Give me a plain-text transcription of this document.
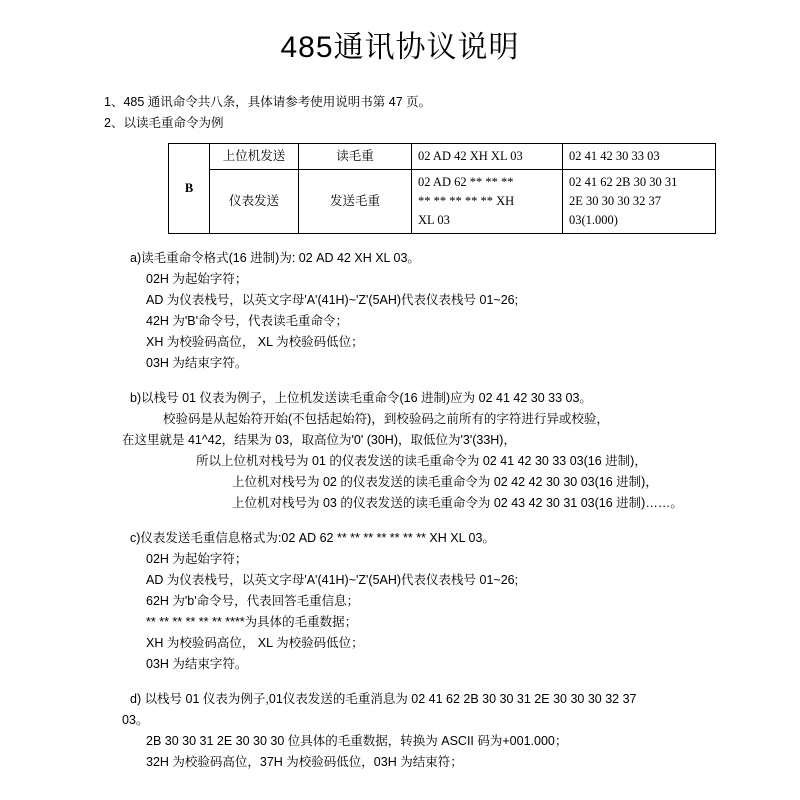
485通讯协议说明
1、485 通讯命令共八条，具体请参考使用说明书第 47 页。
2、以读毛重命令为例
B	上位机发送	读毛重	02 AD 42 XH XL 03	02 41 42 30 33 03
	仪表发送	发送毛重	02 AD 62 ** ** **
** ** ** ** ** XH
XL 03	02 41 62 2B 30 30 31
2E 30 30 30 32 37
03(1.000)
a)读毛重命令格式(16 进制)为: 02 AD 42 XH XL 03。
02H 为起始字符；
AD 为仪表栈号，以英文字母'A'(41H)~'Z'(5AH)代表仪表栈号 01~26;
42H 为'B'命令号，代表读毛重命令；
XH 为校验码高位， XL 为校验码低位；
03H 为结束字符。
b)以栈号 01 仪表为例子，上位机发送读毛重命令(16 进制)应为 02 41 42 30 33 03。
校验码是从起始符开始(不包括起始符)，到校验码之前所有的字符进行异或校验，
在这里就是 41^42，结果为 03，取高位为'0' (30H)，取低位为'3'(33H)，
所以上位机对栈号为 01 的仪表发送的读毛重命令为 02 41 42 30 33 03(16 进制)，
上位机对栈号为 02 的仪表发送的读毛重命令为 02 42 42 30 30 03(16 进制)，
上位机对栈号为 03 的仪表发送的读毛重命令为 02 43 42 30 31 03(16 进制)……。
c)仪表发送毛重信息格式为:02 AD 62 ** ** ** ** ** ** ** XH XL 03。
02H 为起始字符；
AD 为仪表栈号，以英文字母'A'(41H)~'Z'(5AH)代表仪表栈号 01~26;
62H 为'b'命令号，代表回答毛重信息；
** ** ** ** ** ** ****为具体的毛重数据；
XH 为校验码高位， XL 为校验码低位；
03H 为结束字符。
d) 以栈号 01 仪表为例子,01仪表发送的毛重消息为 02 41 62 2B 30 30 31 2E 30 30 30 32 37
03。
2B 30 30 31 2E 30 30 30 位具体的毛重数据，转换为 ASCII 码为+001.000；
32H 为校验码高位，37H 为校验码低位，03H 为结束符；
